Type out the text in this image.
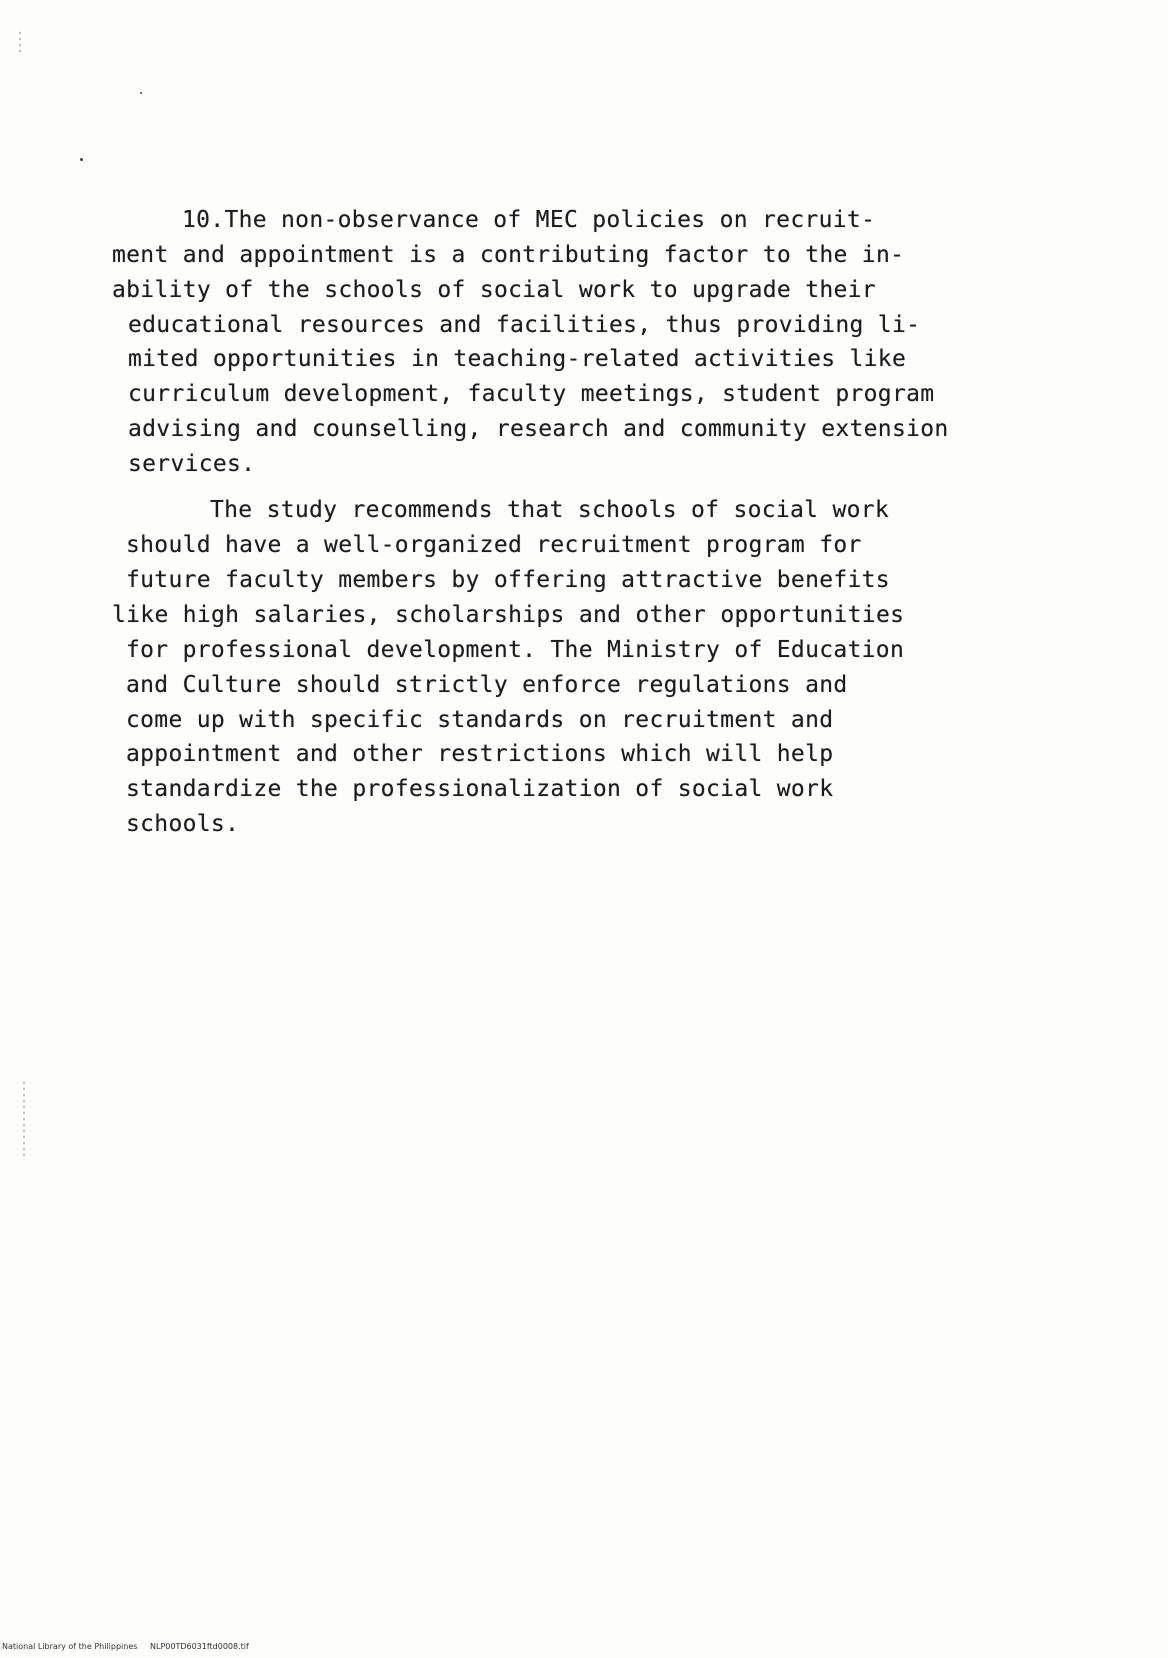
10.The non-observance of MEC policies on recruit-
ment and appointment is a contributing factor to the in-
ability of the schools of social work to upgrade their
educational resources and facilities, thus providing li-
mited opportunities in teaching-related activities like
curriculum development, faculty meetings, student program
advising and counselling, research and community extension
services.
The study recommends that schools of social work
should have a well-organized recruitment program for
future faculty members by offering attractive benefits
like high salaries, scholarships and other opportunities
for professional development. The Ministry of Education
and Culture should strictly enforce regulations and
come up with specific standards on recruitment and
appointment and other restrictions which will help
standardize the professionalization of social work
schools.
National Library of the Philippines NLP00TD6031ftd0008.tif
